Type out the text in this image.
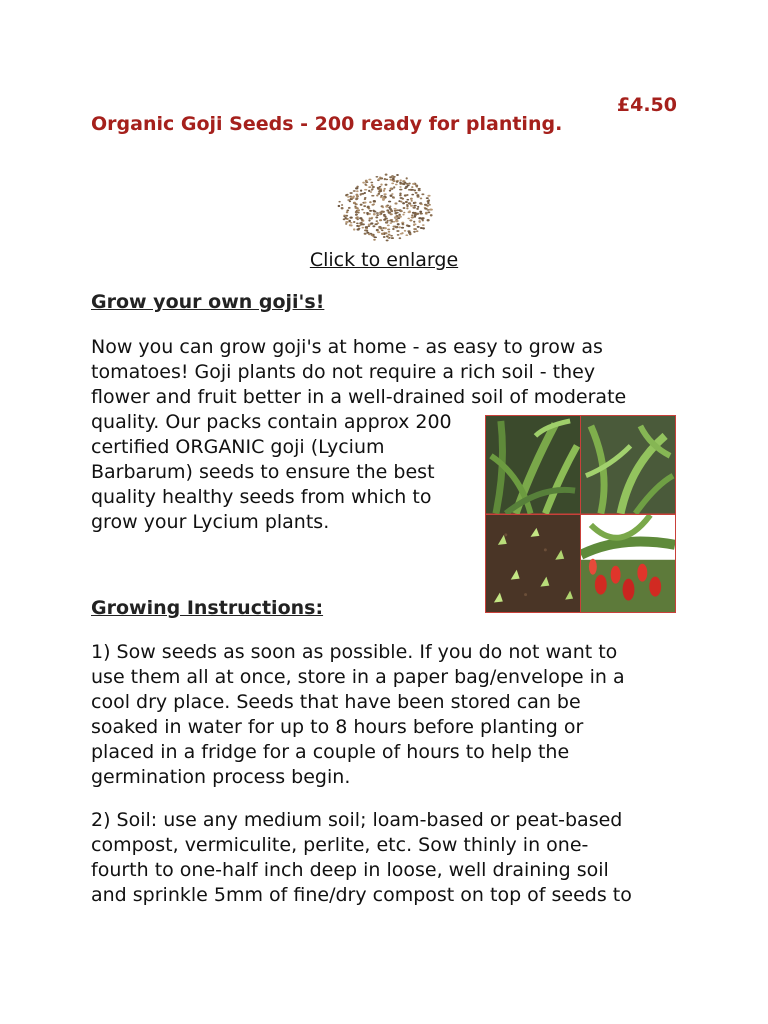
£4.50
Organic Goji Seeds - 200 ready for planting.
Click to enlarge
Grow your own goji's!
Now you can grow goji's at home - as easy to grow as
tomatoes! Goji plants do not require a rich soil - they
flower and fruit better in a well-drained soil of moderate
quality. Our packs contain approx 200
certified ORGANIC goji (Lycium
Barbarum) seeds to ensure the best
quality healthy seeds from which to
grow your Lycium plants.
Growing Instructions:
1) Sow seeds as soon as possible. If you do not want to
use them all at once, store in a paper bag/envelope in a
cool dry place. Seeds that have been stored can be
soaked in water for up to 8 hours before planting or
placed in a fridge for a couple of hours to help the
germination process begin.
2) Soil: use any medium soil; loam-based or peat-based
compost, vermiculite, perlite, etc. Sow thinly in one-
fourth to one-half inch deep in loose, well draining soil
and sprinkle 5mm of fine/dry compost on top of seeds to
